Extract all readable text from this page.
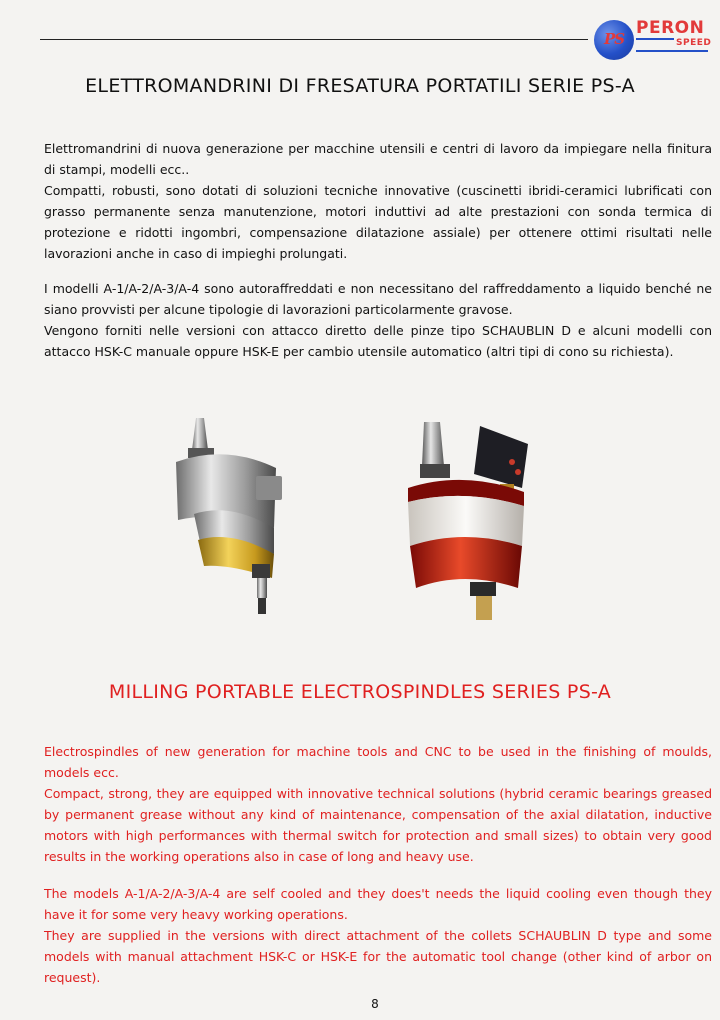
PS
PERON
SPEED
ELETTROMANDRINI DI FRESATURA PORTATILI SERIE PS-A

Elettromandrini di nuova generazione per macchine utensili e centri di lavoro da impiegare nella finitura di stampi, modelli ecc..

Compatti, robusti, sono dotati di soluzioni tecniche innovative (cuscinetti ibridi-ceramici lubrificati con grasso permanente senza manutenzione, motori induttivi ad alte prestazioni con sonda termica di protezione e ridotti ingombri, compensazione dilatazione assiale) per ottenere ottimi risultati nelle lavorazioni anche in caso di impieghi prolungati.

I modelli A-1/A-2/A-3/A-4 sono autoraffreddati e non necessitano del raffreddamento a liquido benché ne siano provvisti per alcune tipologie di lavorazioni particolarmente gravose.

Vengono forniti nelle versioni con attacco diretto delle pinze tipo SCHAUBLIN D e alcuni modelli con attacco HSK-C manuale oppure HSK-E per cambio utensile automatico (altri tipi di cono su richiesta).

MILLING PORTABLE ELECTROSPINDLES SERIES PS-A

Electrospindles of new generation for machine tools and CNC to be used in the finishing of moulds, models ecc.

Compact, strong, they are equipped with innovative technical solutions (hybrid ceramic bearings greased by permanent grease without any kind of maintenance, compensation of the axial dilatation, inductive motors with high performances with thermal switch for protection and small sizes) to obtain very good results in the working operations also in case of long and heavy use.

The models A-1/A-2/A-3/A-4 are self cooled and they does't needs the liquid cooling even though they have it for some very heavy working operations.

They are supplied in the versions with direct attachment of the collets SCHAUBLIN D type and some models with manual attachment HSK-C or HSK-E for the automatic tool change (other kind of arbor on request).

8
